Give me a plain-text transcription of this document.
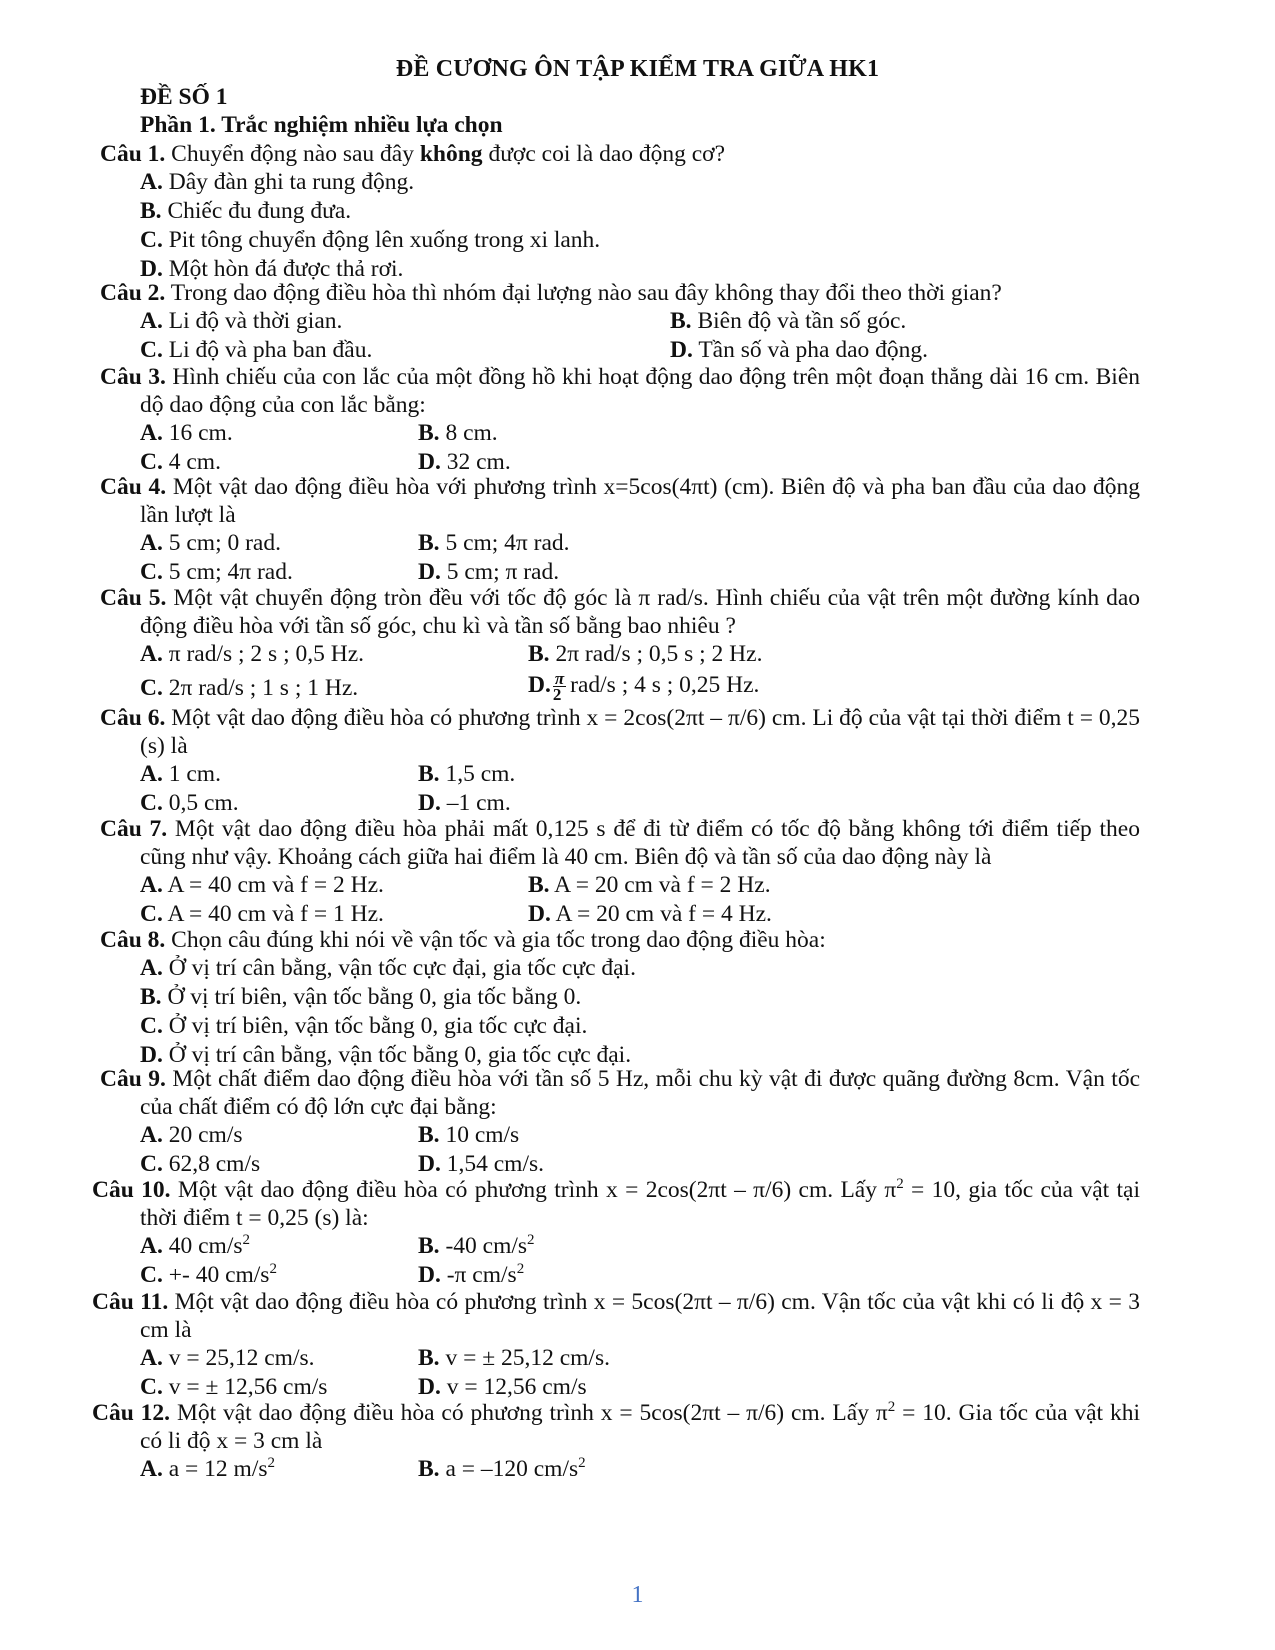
ĐỀ CƯƠNG ÔN TẬP KIỂM TRA GIỮA HK1
ĐỀ SỐ 1
Phần 1. Trắc nghiệm nhiều lựa chọn
Câu 1. Chuyển động nào sau đây không được coi là dao động cơ?
A. Dây đàn ghi ta rung động.
B. Chiếc đu đung đưa.
C. Pit tông chuyển động lên xuống trong xi lanh.
D. Một hòn đá được thả rơi.
Câu 2. Trong dao động điều hòa thì nhóm đại lượng nào sau đây không thay đổi theo thời gian?
A. Li độ và thời gian.	B. Biên độ và tần số góc.
C. Li độ và pha ban đầu.	D. Tần số và pha dao động.
Câu 3. Hình chiếu của con lắc của một đồng hồ khi hoạt động dao động trên một đoạn thẳng dài 16 cm. Biên dộ dao động của con lắc bằng:
A. 16 cm.	B. 8 cm.
C. 4 cm.	D. 32 cm.
Câu 4. Một vật dao động điều hòa với phương trình x=5cos(4πt) (cm). Biên độ và pha ban đầu của dao động lần lượt là
A. 5 cm; 0 rad.	B. 5 cm; 4π rad.
C. 5 cm; 4π rad.	D. 5 cm; π rad.
Câu 5. Một vật chuyển động tròn đều với tốc độ góc là π rad/s. Hình chiếu của vật trên một đường kính dao động điều hòa với tần số góc, chu kì và tần số bằng bao nhiêu ?
A. π rad/s ; 2 s ; 0,5 Hz.	B. 2π rad/s ; 0,5 s ; 2 Hz.
C. 2π rad/s ; 1 s ; 1 Hz.	D. $\frac{\pi}{2} rad/s$ ; 4 s ; 0,25 Hz.
Câu 6. Một vật dao động điều hòa có phương trình x = 2cos(2πt – π/6) cm. Li độ của vật tại thời điểm t = 0,25 (s) là
A. 1 cm.	B. 1,5 cm.
C. 0,5 cm.	D. –1 cm.
Câu 7. Một vật dao động điều hòa phải mất 0,125 s để đi từ điểm có tốc độ bằng không tới điểm tiếp theo cũng như vậy. Khoảng cách giữa hai điểm là 40 cm. Biên độ và tần số của dao động này là
A. A = 40 cm và f = 2 Hz.	B. A = 20 cm và f = 2 Hz.
C. A = 40 cm và f = 1 Hz.	D. A = 20 cm và f = 4 Hz.
Câu 8. Chọn câu đúng khi nói về vận tốc và gia tốc trong dao động điều hòa:
A. Ở vị trí cân bằng, vận tốc cực đại, gia tốc cực đại.
B. Ở vị trí biên, vận tốc bằng 0, gia tốc bằng 0.
C. Ở vị trí biên, vận tốc bằng 0, gia tốc cực đại.
D. Ở vị trí cân bằng, vận tốc bằng 0, gia tốc cực đại.
Câu 9. Một chất điểm dao động điều hòa với tần số 5 Hz, mỗi chu kỳ vật đi được quãng đường 8cm. Vận tốc của chất điểm có độ lớn cực đại bằng:
A. 20 cm/s	B. 10 cm/s
C. 62,8 cm/s	D. 1,54 cm/s.
Câu 10. Một vật dao động điều hòa có phương trình x = 2cos(2πt – π/6) cm. Lấy $\pi^2 = 10$, gia tốc của vật tại thời điểm t = 0,25 (s) là:
A. 40 $cm/s^2$	B. -40 $cm/s^2$
C. +- 40 $cm/s^2$	D. -π $cm/s^2$
Câu 11. Một vật dao động điều hòa có phương trình x = 5cos(2πt – π/6) cm. Vận tốc của vật khi có li độ x = 3 cm là
A. v = 25,12 cm/s.	B. v = ± 25,12 cm/s.
C. v = ± 12,56 cm/s	D. v = 12,56 cm/s
Câu 12. Một vật dao động điều hòa có phương trình x = 5cos(2πt – π/6) cm. Lấy $\pi^2 = 10$. Gia tốc của vật khi có li độ x = 3 cm là
A. a = 12 $m/s^2$	B. a = –120 $cm/s^2$
1
